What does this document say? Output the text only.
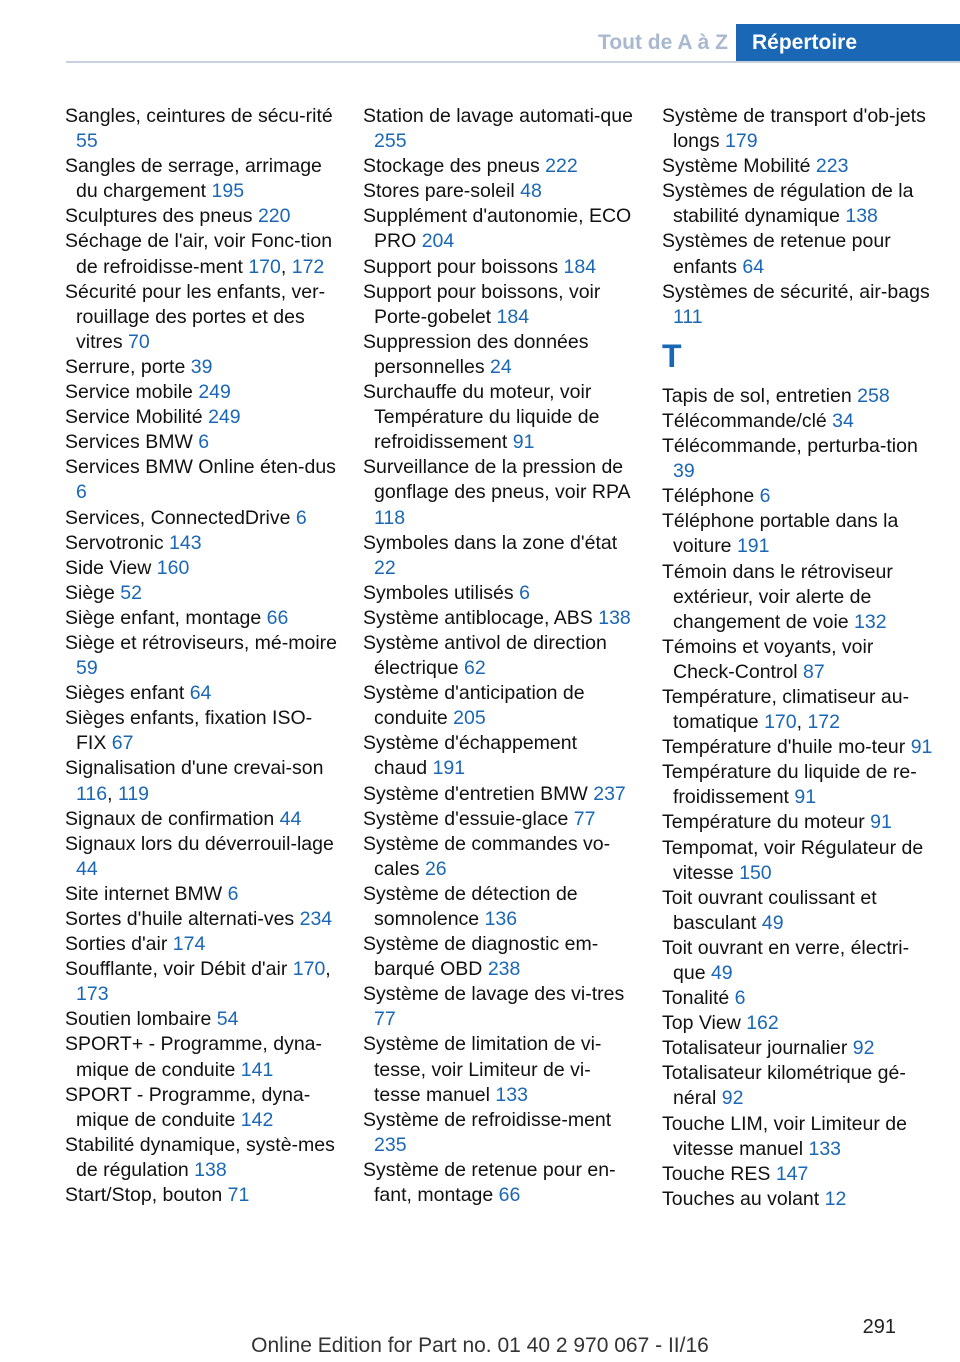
Tout de A à Z	Répertoire
Sangles, ceintures de sécu‐rité 55
Sangles de serrage, arrimage du chargement 195
Sculptures des pneus 220
Séchage de l'air, voir Fonc‐tion de refroidisse‐ment 170, 172
Sécurité pour les enfants, ver‐rouillage des portes et des vitres 70
Serrure, porte 39
Service mobile 249
Service Mobilité 249
Services BMW 6
Services BMW Online éten‐dus 6
Services, ConnectedDrive 6
Servotronic 143
Side View 160
Siège 52
Siège enfant, montage 66
Siège et rétroviseurs, mé‐moire 59
Sièges enfant 64
Sièges enfants, fixation ISO‐FIX 67
Signalisation d'une crevai‐son 116, 119
Signaux de confirmation 44
Signaux lors du déverrouil‐lage 44
Site internet BMW 6
Sortes d'huile alternati‐ves 234
Sorties d'air 174
Soufflante, voir Débit d'air 170, 173
Soutien lombaire 54
SPORT+ - Programme, dyna‐mique de conduite 141
SPORT - Programme, dyna‐mique de conduite 142
Stabilité dynamique, systè‐mes de régulation 138
Start/Stop, bouton 71
Station de lavage automati‐que 255
Stockage des pneus 222
Stores pare-soleil 48
Supplément d'autonomie, ECO PRO 204
Support pour boissons 184
Support pour boissons, voir Porte-gobelet 184
Suppression des données personnelles 24
Surchauffe du moteur, voir Température du liquide de refroidissement 91
Surveillance de la pression de gonflage des pneus, voir RPA 118
Symboles dans la zone d'état 22
Symboles utilisés 6
Système antiblocage, ABS 138
Système antivol de direction électrique 62
Système d'anticipation de conduite 205
Système d'échappement chaud 191
Système d'entretien BMW 237
Système d'essuie-glace 77
Système de commandes vo‐cales 26
Système de détection de somnolence 136
Système de diagnostic em‐barqué OBD 238
Système de lavage des vi‐tres 77
Système de limitation de vi‐tesse, voir Limiteur de vi‐tesse manuel 133
Système de refroidisse‐ment 235
Système de retenue pour en‐fant, montage 66
Système de transport d'ob‐jets longs 179
Système Mobilité 223
Systèmes de régulation de la stabilité dynamique 138
Systèmes de retenue pour enfants 64
Systèmes de sécurité, air‐bags 111
T
Tapis de sol, entretien 258
Télécommande/clé 34
Télécommande, perturba‐tion 39
Téléphone 6
Téléphone portable dans la voiture 191
Témoin dans le rétroviseur extérieur, voir alerte de changement de voie 132
Témoins et voyants, voir Check-Control 87
Température, climatiseur au‐tomatique 170, 172
Température d'huile mo‐teur 91
Température du liquide de re‐froidissement 91
Température du moteur 91
Tempomat, voir Régulateur de vitesse 150
Toit ouvrant coulissant et basculant 49
Toit ouvrant en verre, électri‐que 49
Tonalité 6
Top View 162
Totalisateur journalier 92
Totalisateur kilométrique gé‐néral 92
Touche LIM, voir Limiteur de vitesse manuel 133
Touche RES 147
Touches au volant 12
291
Online Edition for Part no. 01 40 2 970 067 - II/16
